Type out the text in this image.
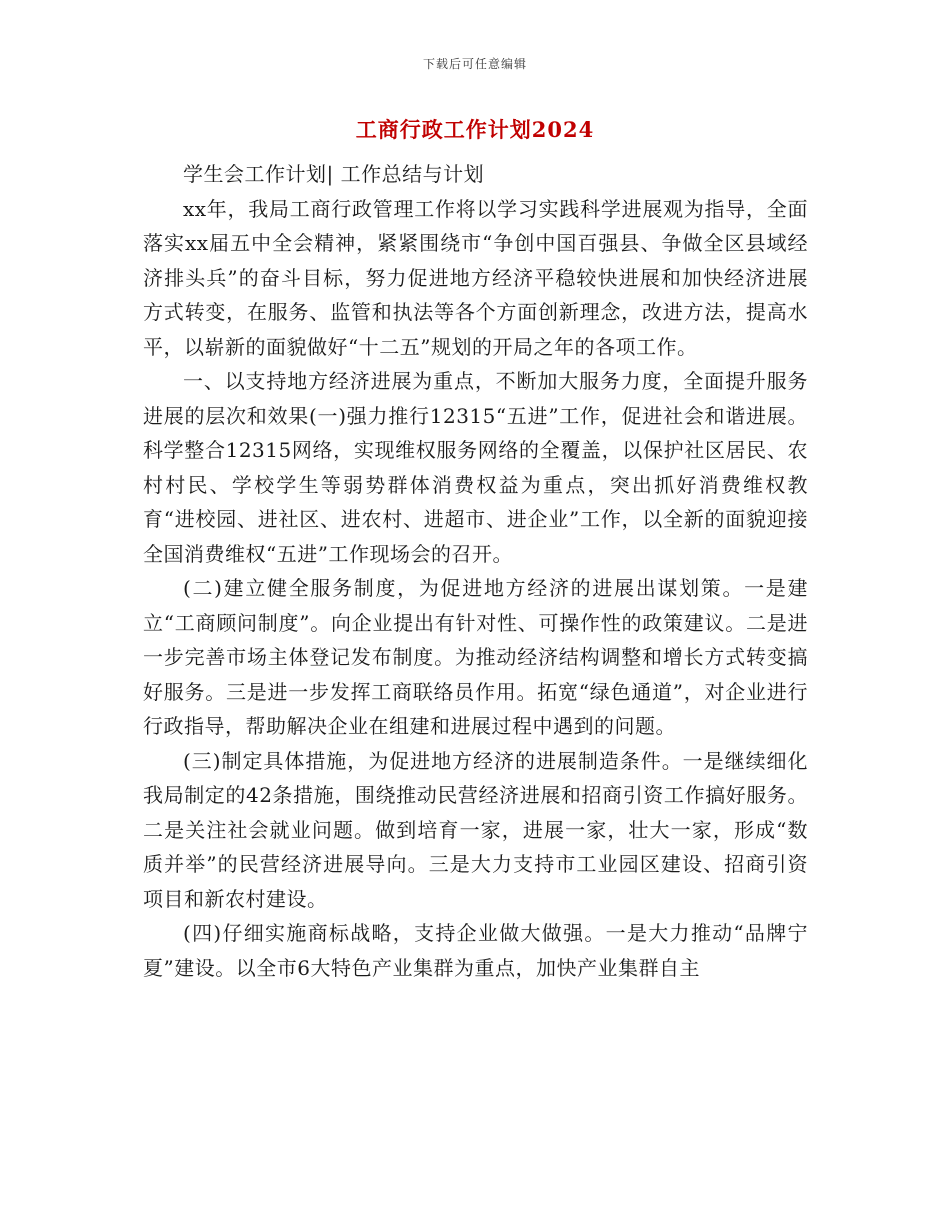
下载后可任意编辑
工商行政工作计划2024

学生会工作计划| 工作总结与计划

xx年，我局工商行政管理工作将以学习实践科学进展观为指导，全面落实xx届五中全会精神，紧紧围绕市“争创中国百强县、争做全区县域经济排头兵”的奋斗目标，努力促进地方经济平稳较快进展和加快经济进展方式转变，在服务、监管和执法等各个方面创新理念，改进方法，提高水平，以崭新的面貌做好“十二五”规划的开局之年的各项工作。

一、以支持地方经济进展为重点，不断加大服务力度，全面提升服务进展的层次和效果(一)强力推行12315“五进”工作，促进社会和谐进展。科学整合12315网络，实现维权服务网络的全覆盖，以保护社区居民、农村村民、学校学生等弱势群体消费权益为重点，突出抓好消费维权教育“进校园、进社区、进农村、进超市、进企业”工作，以全新的面貌迎接全国消费维权“五进”工作现场会的召开。

(二)建立健全服务制度，为促进地方经济的进展出谋划策。一是建立“工商顾问制度”。向企业提出有针对性、可操作性的政策建议。二是进一步完善市场主体登记发布制度。为推动经济结构调整和增长方式转变搞好服务。三是进一步发挥工商联络员作用。拓宽“绿色通道”，对企业进行行政指导，帮助解决企业在组建和进展过程中遇到的问题。

(三)制定具体措施，为促进地方经济的进展制造条件。一是继续细化我局制定的42条措施，围绕推动民营经济进展和招商引资工作搞好服务。二是关注社会就业问题。做到培育一家，进展一家，壮大一家，形成“数质并举”的民营经济进展导向。三是大力支持市工业园区建设、招商引资项目和新农村建设。

(四)仔细实施商标战略，支持企业做大做强。一是大力推动“品牌宁夏”建设。以全市6大特色产业集群为重点，加快产业集群自主
